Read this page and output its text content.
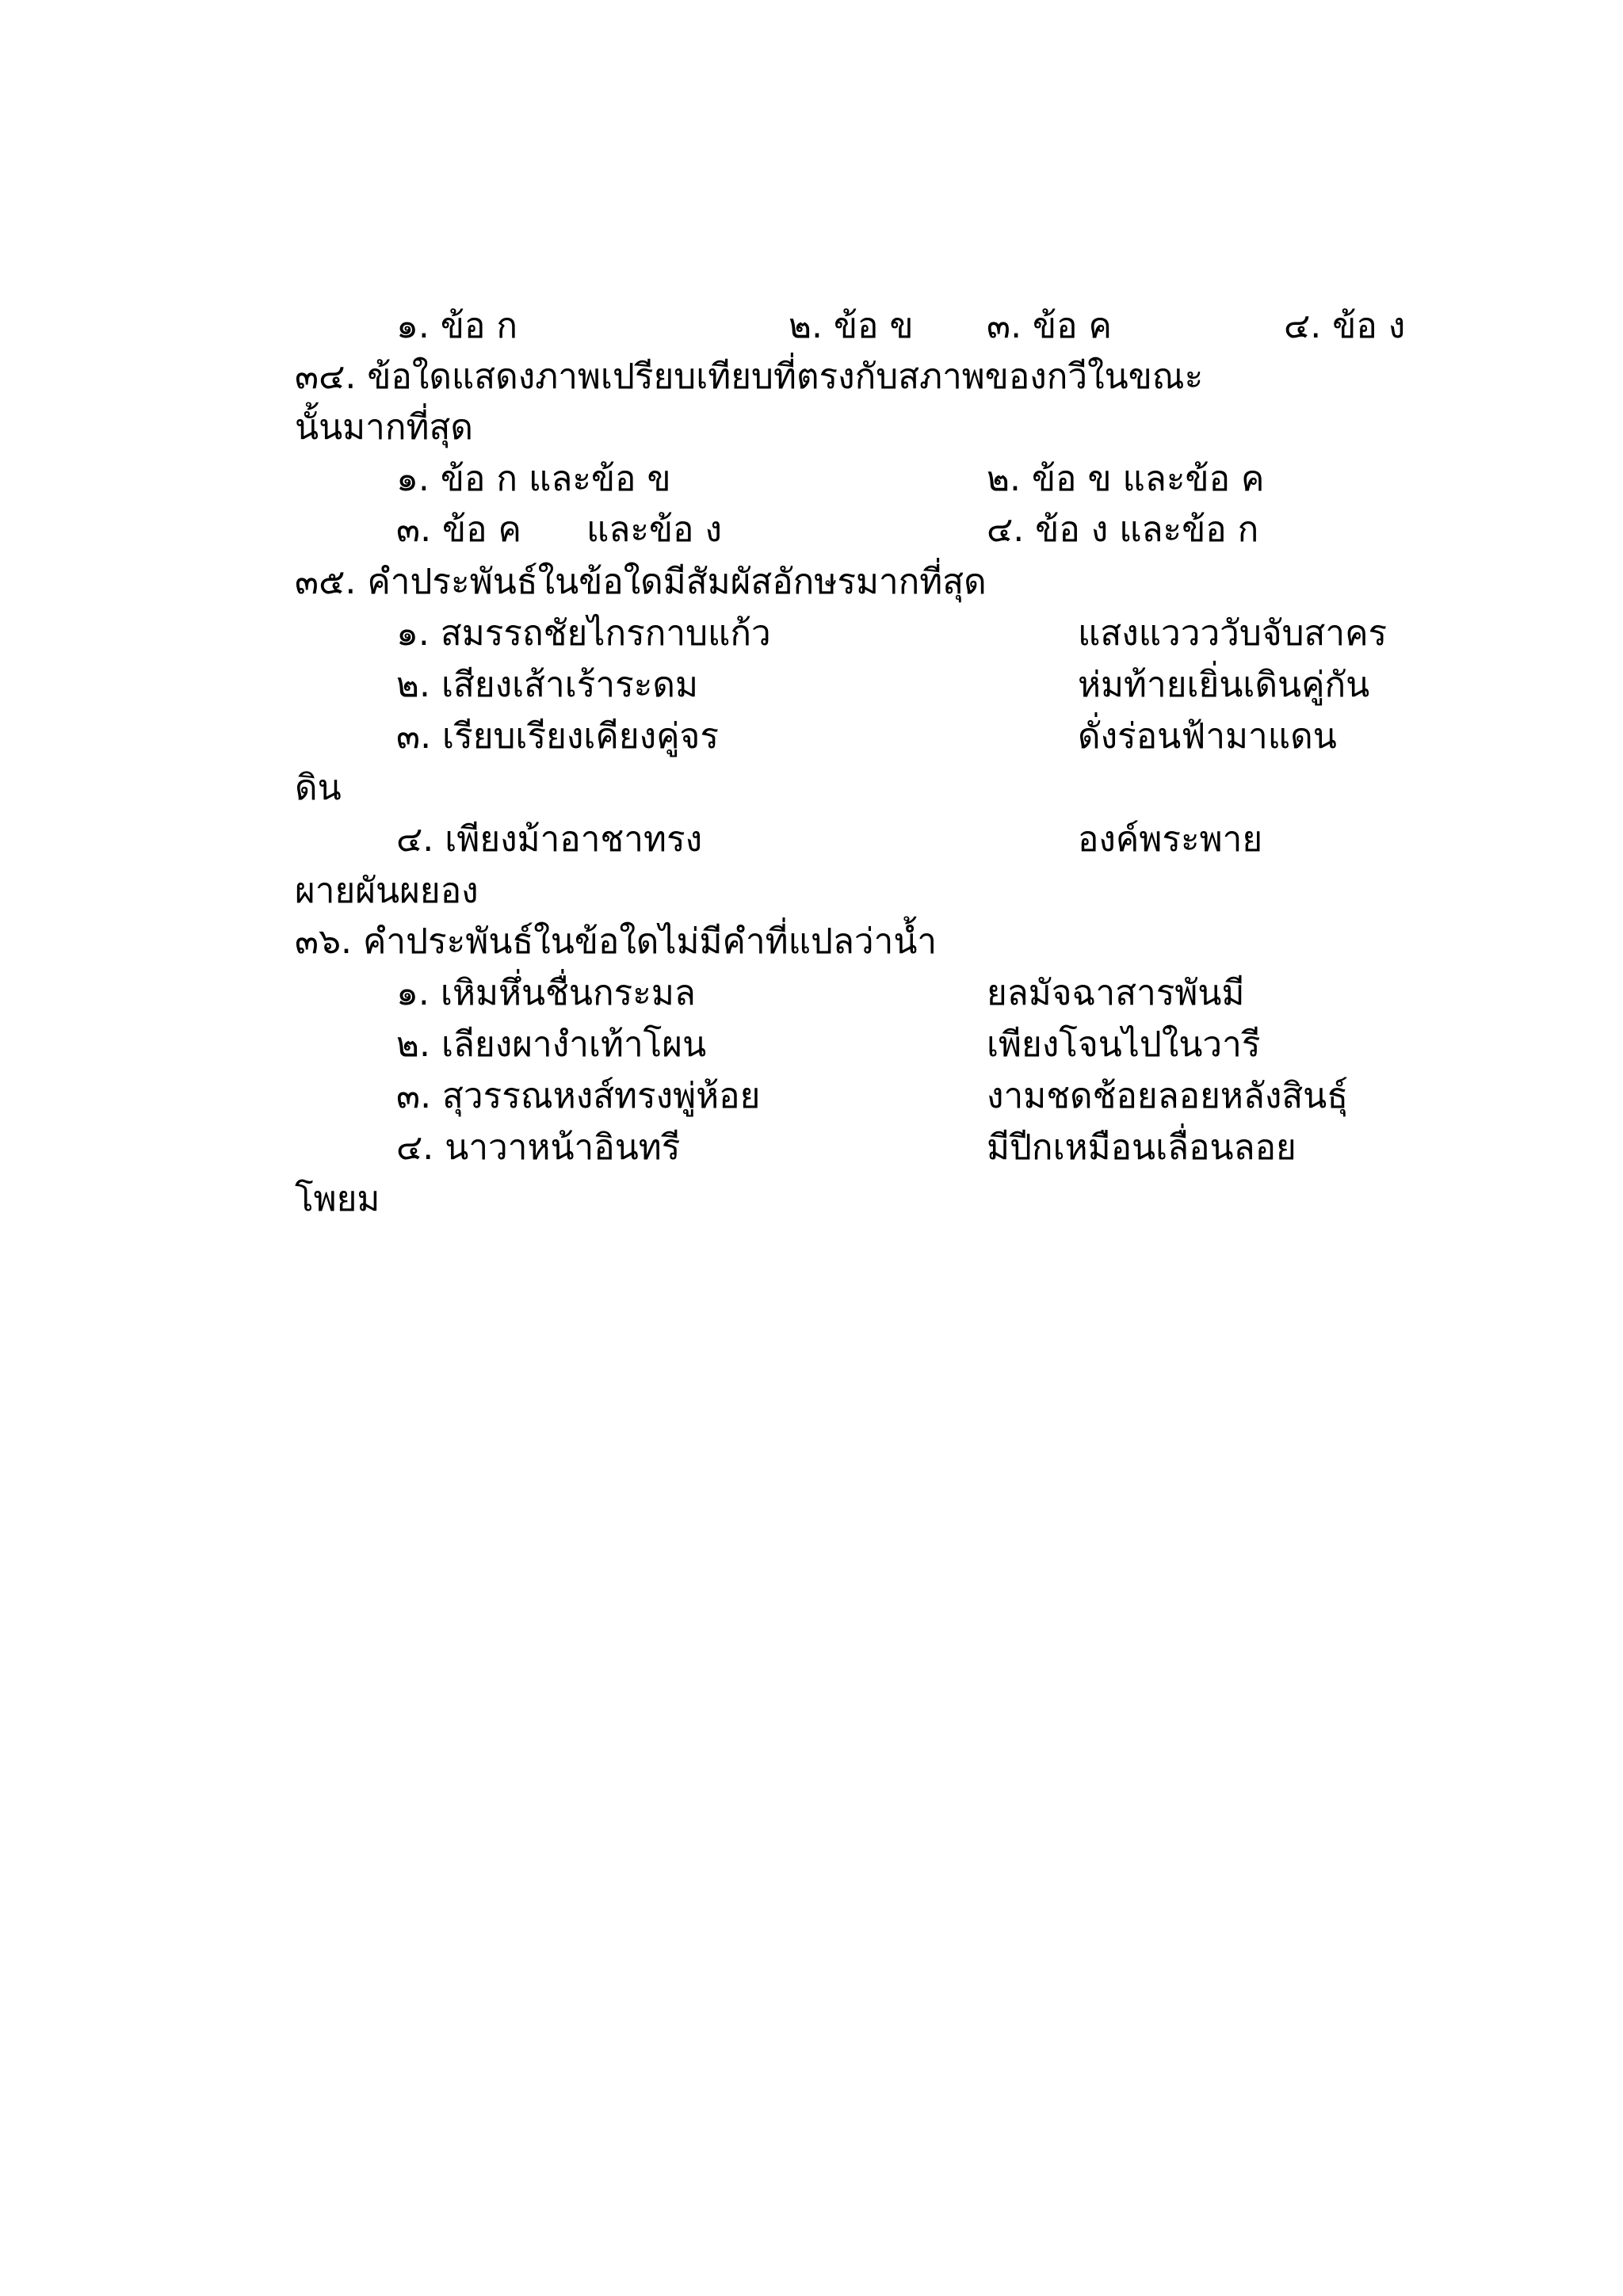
๑. ข้อ ก	๒. ข้อ ข ๓. ข้อ ค	๔. ข้อ ง
๓๔. ข้อใดแสดงภาพเปรียบเทียบที่ตรงกับสภาพของกวีในขณะ
นั้นมากที่สุด
๑. ข้อ ก และข้อ ข	๒. ข้อ ข และข้อ ค
๓. ข้อ ค และข้อ ง	๔. ข้อ ง และข้อ ก
๓๕. คำประพันธ์ในข้อใดมีสัมผัสอักษรมากที่สุด
๑. สมรรถชัยไกรกาบแก้ว	แสงแววววับจับสาคร
๒. เสียงเส้าเร้าระดม	ห่มท้ายเยิ่นเดินคู่กัน
๓. เรียบเรียงเคียงคู่จร	ดั่งร่อนฟ้ามาแดน
ดิน
๔. เพียงม้าอาชาทรง	องค์พระพาย
ผายผันผยอง
๓๖. คำประพันธ์ในข้อใดไม่มีคำที่แปลว่าน้ำ
๑. เหิมหึ่นชื่นกระมล	ยลมัจฉาสารพันมี
๒. เลียงผางำเท้าโผน	เพียงโจนไปในวารี
๓. สุวรรณหงส์ทรงพู่ห้อย	งามชดช้อยลอยหลังสินธุ์
๔. นาวาหน้าอินทรี	มีปีกเหมือนเลื่อนลอย
โพยม
